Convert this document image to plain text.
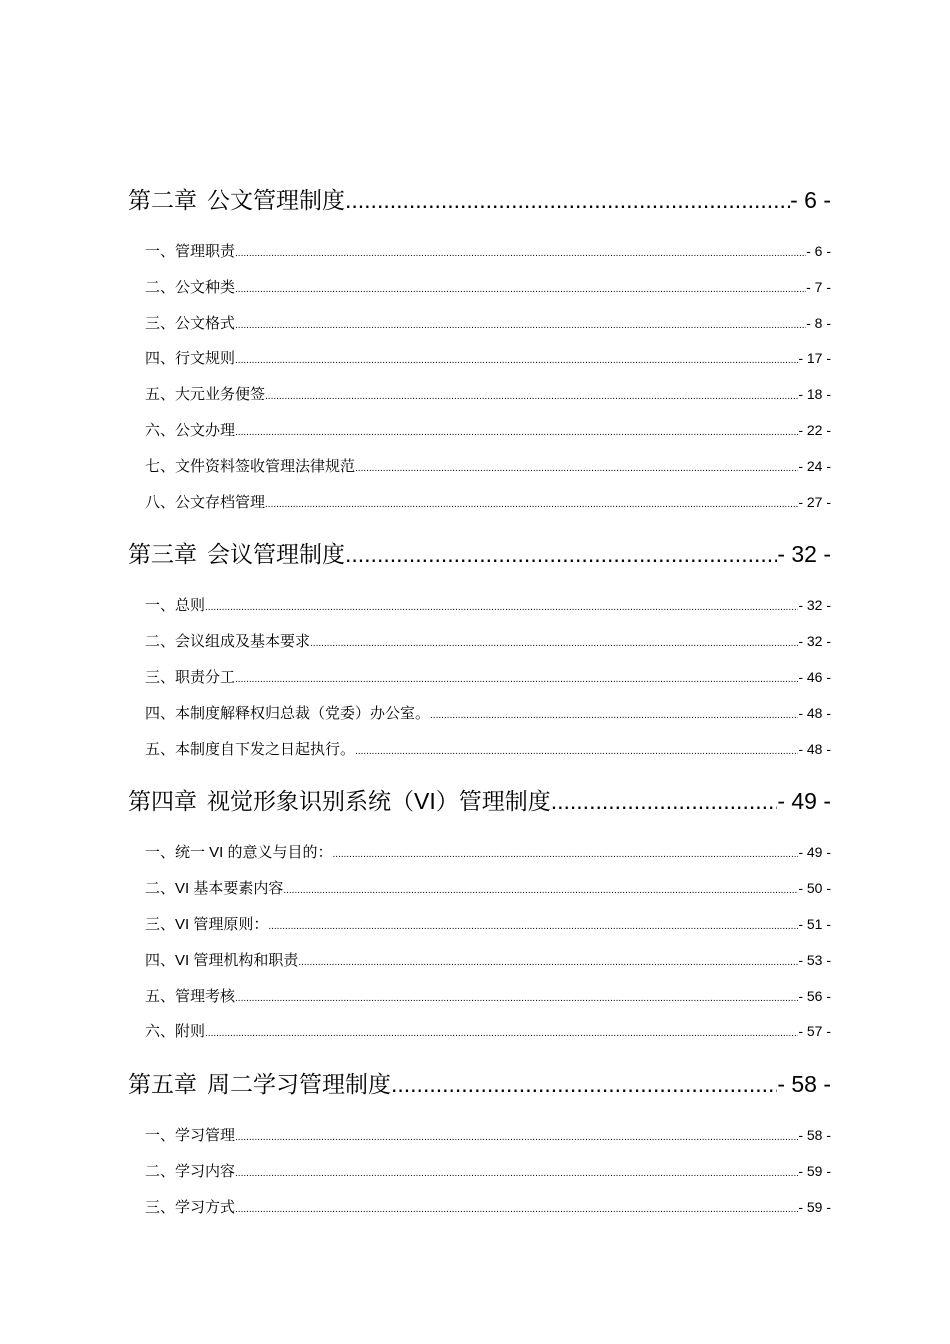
第二章 公文管理制度 .....	- 6 -
一、管理职责 .....	- 6 -
二、公文种类 .....	- 7 -
三、公文格式 .....	- 8 -
四、行文规则 .....	- 17 -
五、大元业务便签 .....	- 18 -
六、公文办理 .....	- 22 -
七、文件资料签收管理法律规范 .....	- 24 -
八、公文存档管理 .....	- 27 -
第三章 会议管理制度 .....	- 32 -
一、总则 .....	- 32 -
二、会议组成及基本要求 .....	- 32 -
三、职责分工 .....	- 46 -
四、本制度解释权归总裁（党委）办公室。 .....	- 48 -
五、本制度自下发之日起执行。 .....	- 48 -
第四章 视觉形象识别系统（VI）管理制度 .....	- 49 -
一、统一 VI 的意义与目的： .....	- 49 -
二、VI 基本要素内容 .....	- 50 -
三、VI 管理原则： .....	- 51 -
四、VI 管理机构和职责 .....	- 53 -
五、管理考核 .....	- 56 -
六、附则 .....	- 57 -
第五章 周二学习管理制度 .....	- 58 -
一、学习管理 .....	- 58 -
二、学习内容 .....	- 59 -
三、学习方式 .....	- 59 -
